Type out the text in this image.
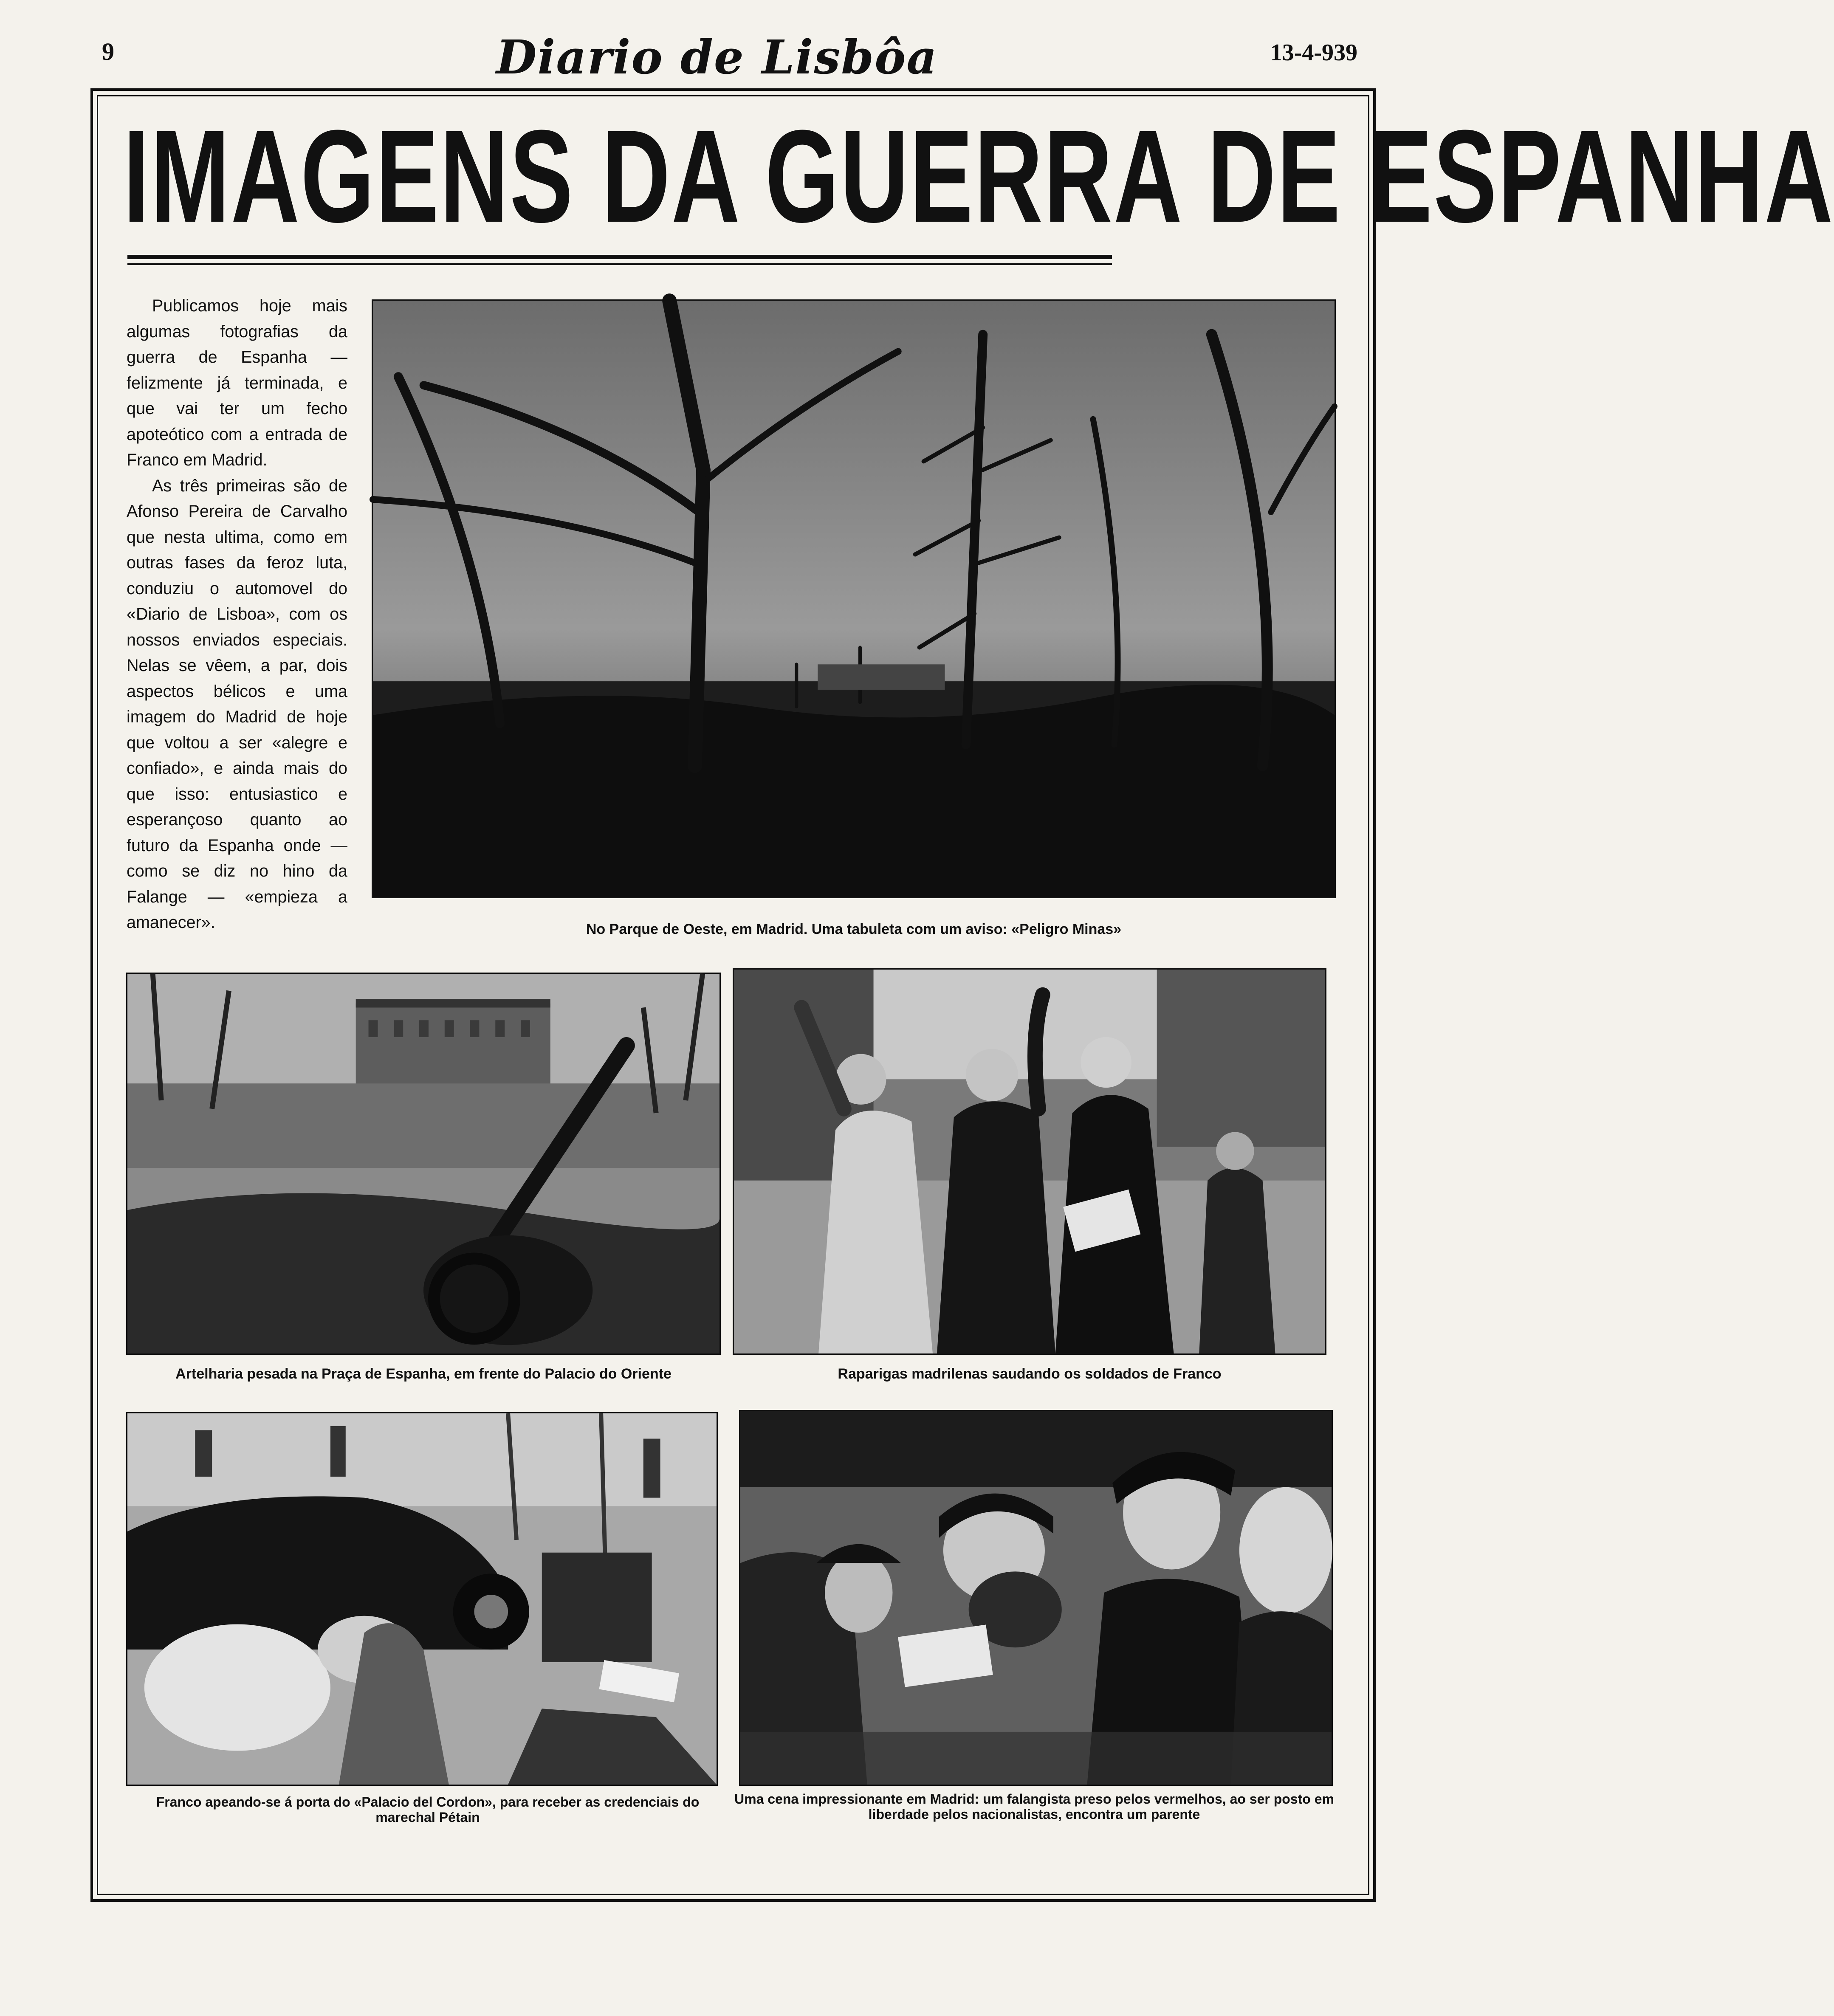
9	Diario de Lisbôa	13-4-939
IMAGENS DA GUERRA DE ESPANHA

Publicamos hoje mais algumas fotografias da guerra de Espanha — felizmente já terminada, e que vai ter um fecho apoteótico com a entrada de Franco em Madrid.

As três primeiras são de Afonso Pereira de Carvalho que nesta ultima, como em outras fases da feroz luta, conduziu o automovel do «Diario de Lisboa», com os nossos enviados especiais. Nelas se vêem, a par, dois aspectos bélicos e uma imagem do Madrid de hoje que voltou a ser «alegre e confiado», e ainda mais do que isso: entusiastico e esperançoso quanto ao futuro da Espanha onde — como se diz no hino da Falange — «empieza a amanecer».	No Parque de Oeste, em Madrid. Uma tabuleta com um aviso: «Peligro Minas»
Artelharia pesada na Praça de Espanha, em frente do Palacio do Oriente	Raparigas madrilenas saudando os soldados de Franco
Franco apeando-se á porta do «Palacio del Cordon», para receber as credenciais do marechal Pétain
Uma cena impressionante em Madrid: um falangista preso pelos vermelhos, ao ser posto em liberdade pelos nacionalistas, encontra um parente
